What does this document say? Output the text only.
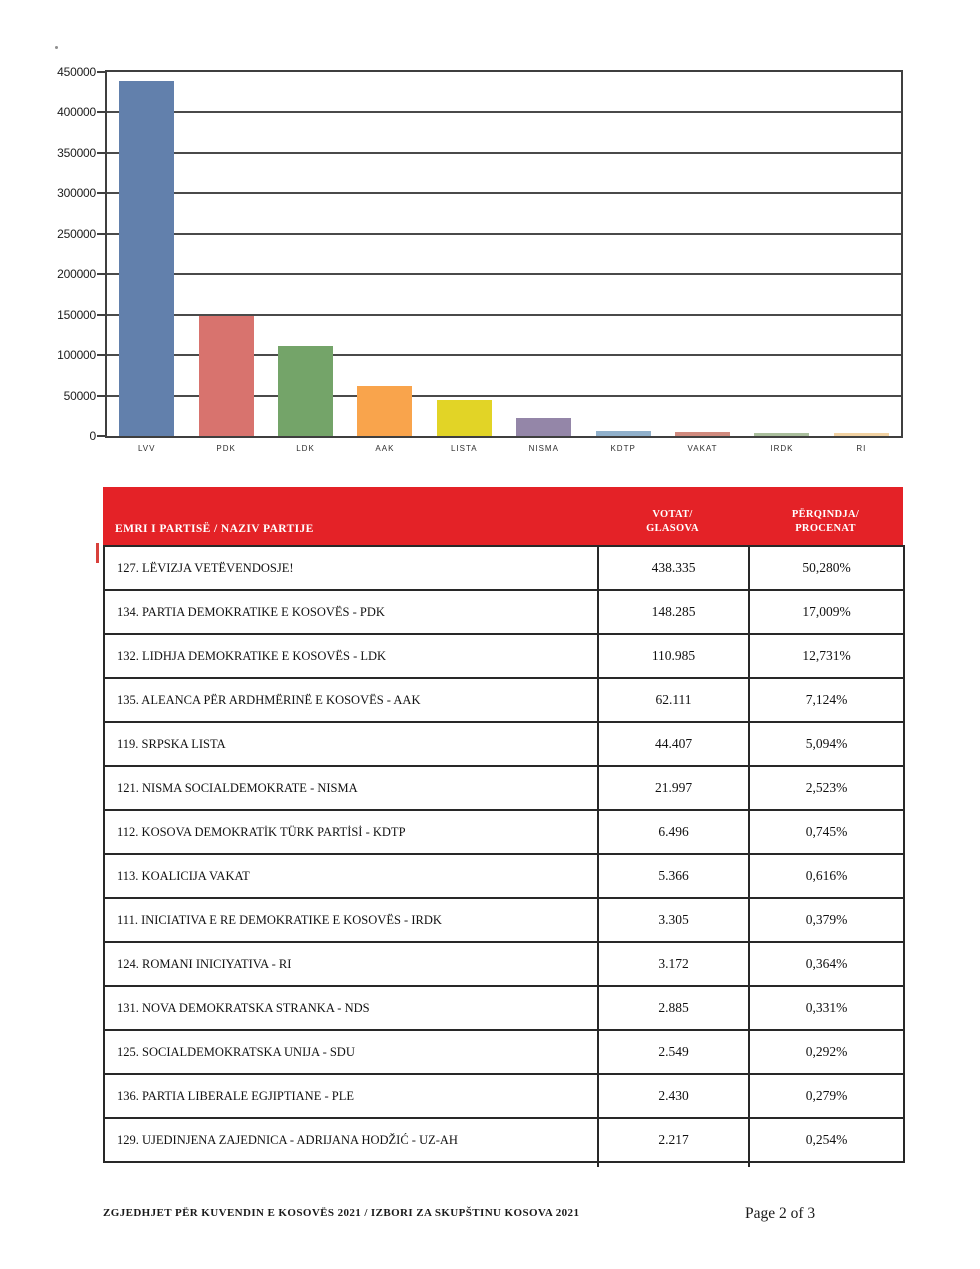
450000
400000
350000
300000
250000
200000
150000
100000
50000
0
LVV	PDK	LDK	AAK	LISTA	NISMA	KDTP	VAKAT	IRDK	RI
EMRI I PARTISË / NAZIV PARTIJE
VOTAT/
GLASOVA
PËRQINDJA/
PROCENAT
127. LËVIZJA VETËVENDOSJE!	438.335	50,280%
134. PARTIA DEMOKRATIKE E KOSOVËS - PDK	148.285	17,009%
132. LIDHJA DEMOKRATIKE E KOSOVËS - LDK	110.985	12,731%
135. ALEANCA PËR ARDHMËRINË E KOSOVËS - AAK	62.111	7,124%
119. SRPSKA LISTA	44.407	5,094%
121. NISMA SOCIALDEMOKRATE - NISMA	21.997	2,523%
112. KOSOVA DEMOKRATİK TÜRK PARTİSİ - KDTP	6.496	0,745%
113. KOALICIJA VAKAT	5.366	0,616%
111. INICIATIVA E RE DEMOKRATIKE E KOSOVËS - IRDK	3.305	0,379%
124. ROMANI INICIYATIVA - RI	3.172	0,364%
131. NOVA DEMOKRATSKA STRANKA - NDS	2.885	0,331%
125. SOCIALDEMOKRATSKA UNIJA - SDU	2.549	0,292%
136. PARTIA LIBERALE EGJIPTIANE - PLE	2.430	0,279%
129. UJEDINJENA ZAJEDNICA - ADRIJANA HODŽIĆ - UZ-AH	2.217	0,254%
ZGJEDHJET PËR KUVENDIN E KOSOVËS 2021 / IZBORI ZA SKUPŠTINU KOSOVA 2021	Page 2 of 3
